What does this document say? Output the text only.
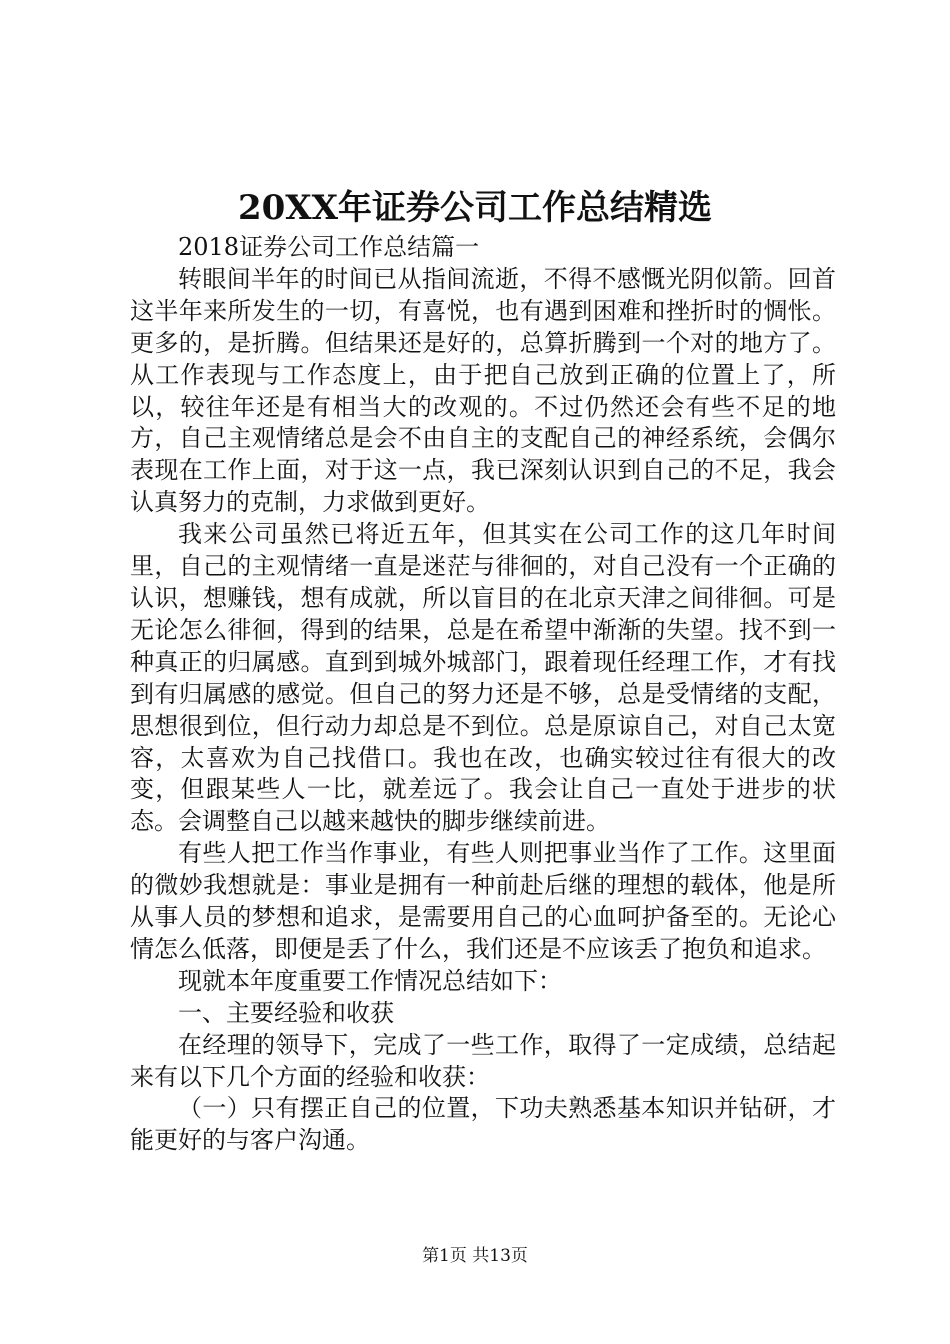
20XX年证券公司工作总结精选

2018证券公司工作总结篇一

转眼间半年的时间已从指间流逝，不得不感慨光阴似箭。回首这半年来所发生的一切，有喜悦，也有遇到困难和挫折时的惆怅。更多的，是折腾。但结果还是好的，总算折腾到一个对的地方了。从工作表现与工作态度上，由于把自己放到正确的位置上了，所以，较往年还是有相当大的改观的。不过仍然还会有些不足的地方，自己主观情绪总是会不由自主的支配自己的神经系统，会偶尔表现在工作上面，对于这一点，我已深刻认识到自己的不足，我会认真努力的克制，力求做到更好。

我来公司虽然已将近五年，但其实在公司工作的这几年时间里，自己的主观情绪一直是迷茫与徘徊的，对自己没有一个正确的认识，想赚钱，想有成就，所以盲目的在北京天津之间徘徊。可是无论怎么徘徊，得到的结果，总是在希望中渐渐的失望。找不到一种真正的归属感。直到到城外城部门，跟着现任经理工作，才有找到有归属感的感觉。但自己的努力还是不够，总是受情绪的支配，思想很到位，但行动力却总是不到位。总是原谅自己，对自己太宽容，太喜欢为自己找借口。我也在改，也确实较过往有很大的改变，但跟某些人一比，就差远了。我会让自己一直处于进步的状态。会调整自己以越来越快的脚步继续前进。

有些人把工作当作事业，有些人则把事业当作了工作。这里面的微妙我想就是：事业是拥有一种前赴后继的理想的载体，他是所从事人员的梦想和追求，是需要用自己的心血呵护备至的。无论心情怎么低落，即便是丢了什么，我们还是不应该丢了抱负和追求。

现就本年度重要工作情况总结如下：

一、主要经验和收获

在经理的领导下，完成了一些工作，取得了一定成绩，总结起来有以下几个方面的经验和收获：

（一）只有摆正自己的位置，下功夫熟悉基本知识并钻研，才能更好的与客户沟通。

第1页 共13页
